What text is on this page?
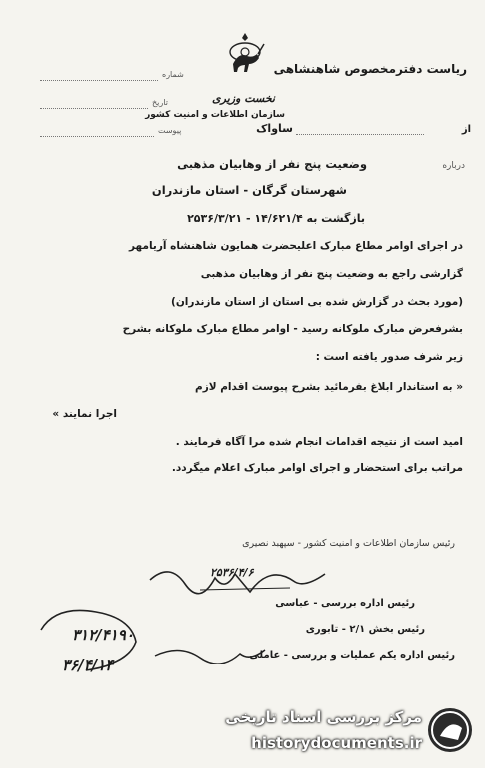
ریاست دفترمخصوص شاهنشاهی
نخست وزیری
سازمان اطلاعات و امنیت کشور
از
ساواک
شماره
تاریخ
پیوست
درباره
وضعیت پنج نفر از وهابیان مذهبی
شهرستان گرگان - استان مازندران
بازگشت به ۱۴/۶۲۱/۴ - ۲۵۳۶/۳/۲۱
در اجرای اوامر مطاع مبارک اعلیحضرت همایون شاهنشاه آریامهر
گزارشی راجع به وضعیت پنج نفر از وهابیان مذهبی
(مورد بحث در گزارش شده بی استان از استان مازندران)
بشرفعرض مبارک ملوکانه رسید - اوامر مطاع مبارک ملوکانه بشرح
زیر شرف صدور یافته است :
« به استاندار ابلاغ بفرمائید بشرح پیوست اقدام لازم
اجرا نمایند »
امید است از نتیجه اقدامات انجام شده مرا آگاه فرمایند .
مراتب برای استحضار و اجرای اوامر مبارک اعلام میگردد.
رئیس سازمان اطلاعات و امنیت کشور - سپهبد نصیری
۲۵۳۶/۴/۶
رئیس اداره بررسی - عباسی
رئیس بخش ۲/۱ - تابوری
۳۱۲/۴۱۹۰
رئیس اداره یکم عملیات و بررسی - عاملی
۳۶/۴/۱۴
مرکز بررسی اسناد تاریخی
historydocuments.ir
